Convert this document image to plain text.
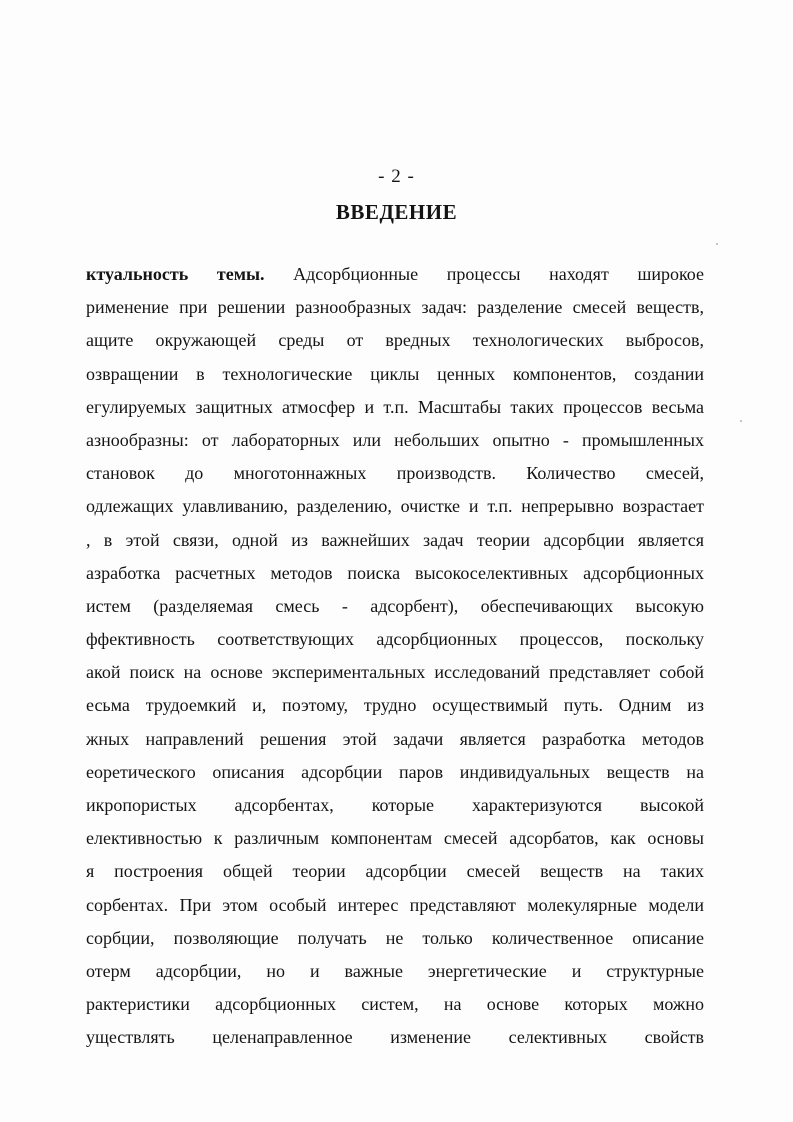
- 2 -
ВВЕДЕНИЕ
ктуальность темы. Адсорбционные процессы находят широкое
рименение при решении разнообразных задач: разделение смесей веществ,
ащите окружающей среды от вредных технологических выбросов,
озвращении в технологические циклы ценных компонентов, создании
егулируемых защитных атмосфер и т.п. Масштабы таких процессов весьма
азнообразны: от лабораторных или небольших опытно - промышленных
становок до многотоннажных производств. Количество смесей,
одлежащих улавливанию, разделению, очистке и т.п. непрерывно возрастает
, в этой связи, одной из важнейших задач теории адсорбции является
азработка расчетных методов поиска высокоселективных адсорбционных
истем (разделяемая смесь - адсорбент), обеспечивающих высокую
ффективность соответствующих адсорбционных процессов, поскольку
акой поиск на основе экспериментальных исследований представляет собой
есьма трудоемкий и, поэтому, трудно осуществимый путь. Одним из
жных направлений решения этой задачи является разработка методов
еоретического описания адсорбции паров индивидуальных веществ на
икропористых адсорбентах, которые характеризуются высокой
елективностью к различным компонентам смесей адсорбатов, как основы
я построения общей теории адсорбции смесей веществ на таких
сорбентах. При этом особый интерес представляют молекулярные модели
сорбции, позволяющие получать не только количественное описание
отерм адсорбции, но и важные энергетические и структурные
рактеристики адсорбционных систем, на основе которых можно
уществлять целенаправленное изменение селективных свойств
